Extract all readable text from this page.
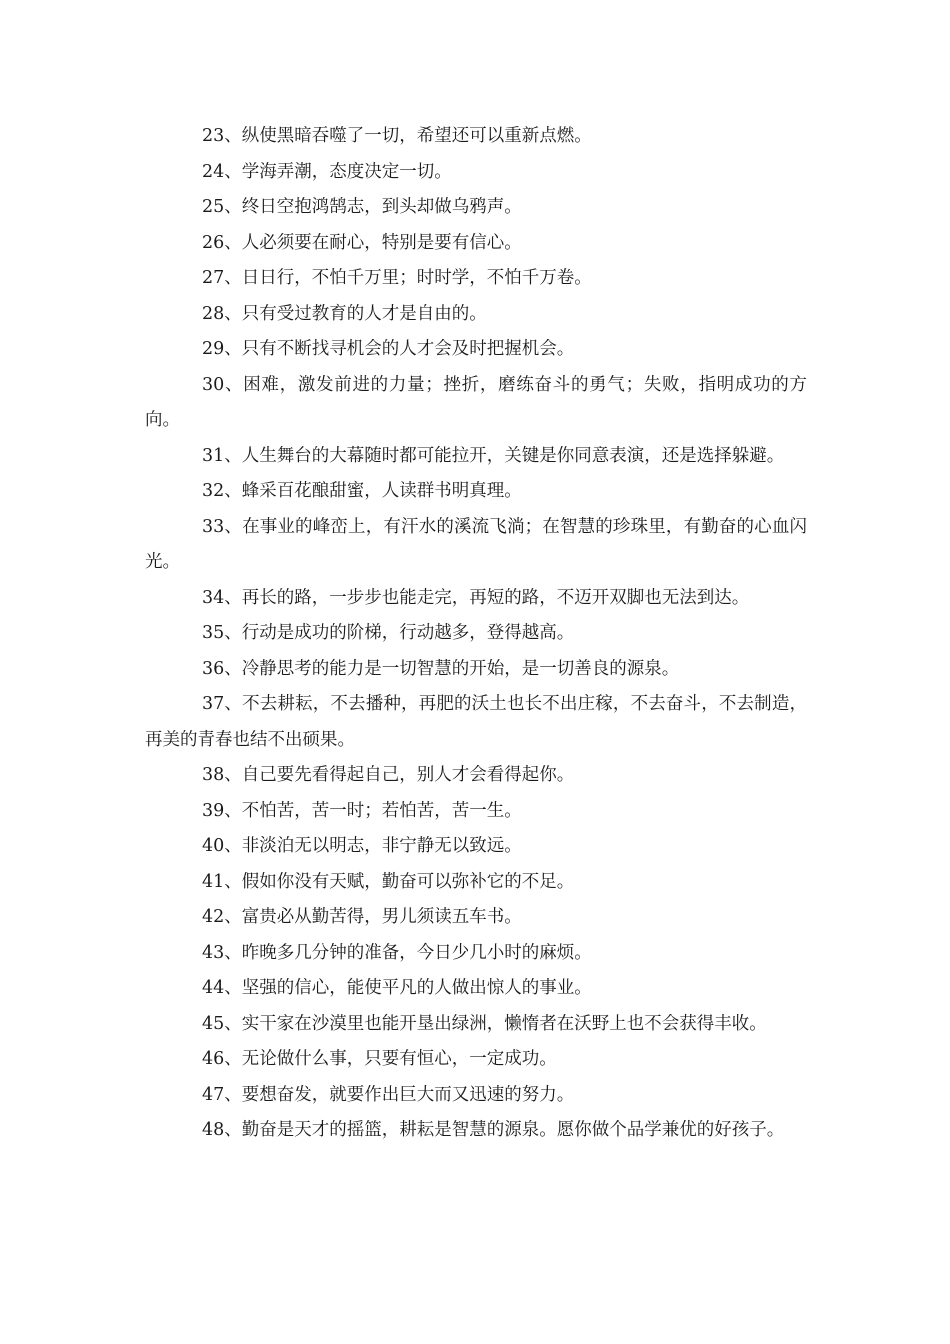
23、纵使黑暗吞噬了一切，希望还可以重新点燃。

24、学海弄潮，态度决定一切。

25、终日空抱鸿鹄志，到头却做乌鸦声。

26、人必须要在耐心，特别是要有信心。

27、日日行，不怕千万里；时时学，不怕千万卷。

28、只有受过教育的人才是自由的。

29、只有不断找寻机会的人才会及时把握机会。

30、困难，激发前进的力量；挫折，磨练奋斗的勇气；失败，指明成功的方向。

31、人生舞台的大幕随时都可能拉开，关键是你同意表演，还是选择躲避。

32、蜂采百花酿甜蜜，人读群书明真理。

33、在事业的峰峦上，有汗水的溪流飞淌；在智慧的珍珠里，有勤奋的心血闪光。

34、再长的路，一步步也能走完，再短的路，不迈开双脚也无法到达。

35、行动是成功的阶梯，行动越多，登得越高。

36、冷静思考的能力是一切智慧的开始，是一切善良的源泉。

37、不去耕耘，不去播种，再肥的沃土也长不出庄稼，不去奋斗，不去制造，再美的青春也结不出硕果。

38、自己要先看得起自己，别人才会看得起你。

39、不怕苦，苦一时；若怕苦，苦一生。

40、非淡泊无以明志，非宁静无以致远。

41、假如你没有天赋，勤奋可以弥补它的不足。

42、富贵必从勤苦得，男儿须读五车书。

43、昨晚多几分钟的准备，今日少几小时的麻烦。

44、坚强的信心，能使平凡的人做出惊人的事业。

45、实干家在沙漠里也能开垦出绿洲，懒惰者在沃野上也不会获得丰收。

46、无论做什么事，只要有恒心，一定成功。

47、要想奋发，就要作出巨大而又迅速的努力。

48、勤奋是天才的摇篮，耕耘是智慧的源泉。愿你做个品学兼优的好孩子。
